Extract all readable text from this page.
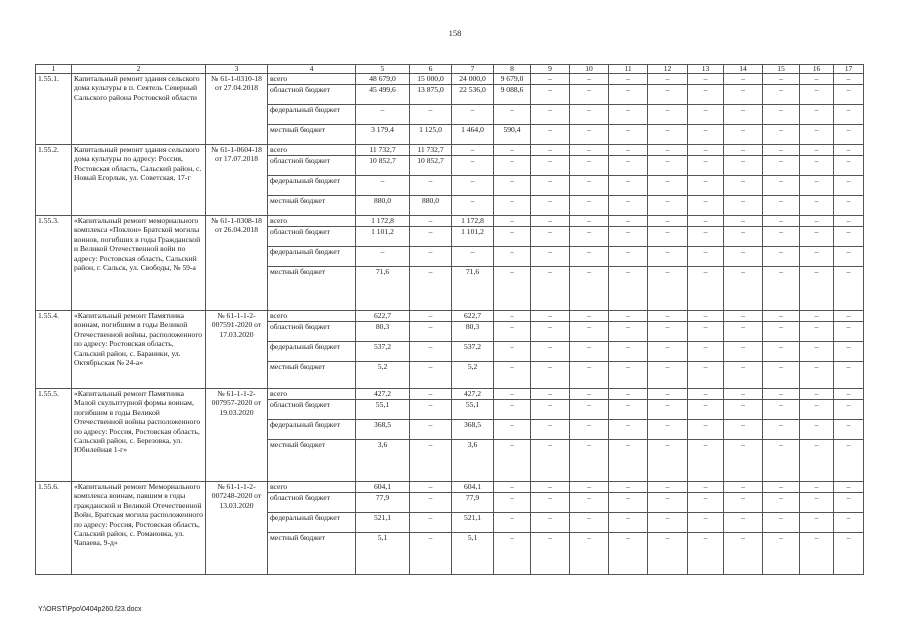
158
1	2	3	4	5	6	7	8	9	10	11	12	13	14	15	16	17
1.55.1.	Капитальный ремонт здания сельского дома культуры в п. Сеятель Северный Сальского района Ростовской области	№ 61-1-0310-18 от 27.04.2018	всего	48 679,0	15 000,0	24 000,0	9 679,0	–	–	–	–	–	–	–	–	–
			областной бюджет	45 499,6	13 875,0	22 536,0	9 088,6	–	–	–	–	–	–	–	–	–
			федеральный бюджет	–	–	–	–	–	–	–	–	–	–	–	–	–
			местный бюджет	3 179,4	1 125,0	1 464,0	590,4	–	–	–	–	–	–	–	–	–
1.55.2.	Капитальный ремонт здания сельского дома культуры по адресу: Россия, Ростовская область, Сальский район, с. Новый Егорлык, ул. Советская, 17-г	№ 61-1-0604-18 от 17.07.2018	всего	11 732,7	11 732,7	–	–	–	–	–	–	–	–	–	–	–
			областной бюджет	10 852,7	10 852,7	–	–	–	–	–	–	–	–	–	–	–
			федеральный бюджет	–	–	–	–	–	–	–	–	–	–	–	–	–
			местный бюджет	880,0	880,0	–	–	–	–	–	–	–	–	–	–	–
1.55.3.	«Капитальный ремонт мемориального комплекса «Поклон» Братской могилы воинов, погибших в годы Гражданской и Великой Отечественной войн по адресу: Ростовская область, Сальский район, г. Сальск, ул. Свободы, № 59-а	№ 61-1-0308-18 от 26.04.2018	всего	1 172,8	–	1 172,8	–	–	–	–	–	–	–	–	–	–
			областной бюджет	1 101,2	–	1 101,2	–	–	–	–	–	–	–	–	–	–
			федеральный бюджет	–	–	–	–	–	–	–	–	–	–	–	–	–
			местный бюджет	71,6	–	71,6	–	–	–	–	–	–	–	–	–	–
1.55.4.	«Капитальный ремонт Памятника воинам, погибшим в годы Великой Отечественной войны, расположенного по адресу: Ростовская область, Сальский район, с. Бараники, ул. Октябрьская № 24-а»	№ 61-1-1-2-007591-2020 от 17.03.2020	всего	622,7	–	622,7	–	–	–	–	–	–	–	–	–	–
			областной бюджет	80,3	–	80,3	–	–	–	–	–	–	–	–	–	–
			федеральный бюджет	537,2	–	537,2	–	–	–	–	–	–	–	–	–	–
			местный бюджет	5,2	–	5,2	–	–	–	–	–	–	–	–	–	–
1.55.5.	«Капитальный ремонт Памятника Малой скульптурной формы воинам, погибшим в годы Великой Отечественной войны расположенного по адресу: Россия, Ростовская область, Сальский район, с. Березовка, ул. Юбилейная 1-г»	№ 61-1-1-2-007957-2020 от 19.03.2020	всего	427,2	–	427,2	–	–	–	–	–	–	–	–	–	–
			областной бюджет	55,1	–	55,1	–	–	–	–	–	–	–	–	–	–
			федеральный бюджет	368,5	–	368,5	–	–	–	–	–	–	–	–	–	–
			местный бюджет	3,6	–	3,6	–	–	–	–	–	–	–	–	–	–
1.55.6.	«Капитальный ремонт Мемориального комплекса воинам, павшим в годы гражданской и Великой Отечественной Войн, Братская могила расположенного по адресу: Россия, Ростовская область, Сальский район, с. Романовка, ул. Чапаева, 9-д»	№ 61-1-1-2-007248-2020 от 13.03.2020	всего	604,1	–	604,1	–	–	–	–	–	–	–	–	–	–
			областной бюджет	77,9	–	77,9	–	–	–	–	–	–	–	–	–	–
			федеральный бюджет	521,1	–	521,1	–	–	–	–	–	–	–	–	–	–
			местный бюджет	5,1	–	5,1	–	–	–	–	–	–	–	–	–	–
Y:\ORST\Ppo\0404p260.f23.docx
